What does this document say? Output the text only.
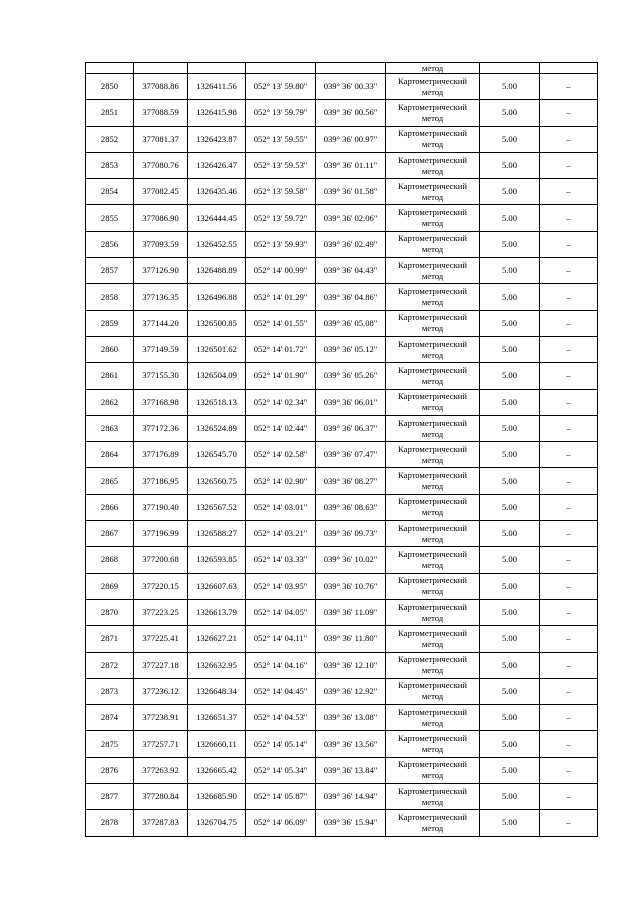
					метод		
2850	377088.86	1326411.56	052° 13' 59.80"	039° 36' 00.33"	Картометрический
метод	5.00	–
2851	377088.59	1326415.98	052° 13' 59.79"	039° 36' 00.56"	Картометрический
метод	5.00	–
2852	377081.37	1326423.87	052° 13' 59.55"	039° 36' 00.97"	Картометрический
метод	5.00	–
2853	377080.76	1326426.47	052° 13' 59.53"	039° 36' 01.11"	Картометрический
метод	5.00	–
2854	377082.45	1326435.46	052° 13' 59.58"	039° 36' 01.58"	Картометрический
метод	5.00	–
2855	377086.90	1326444.45	052° 13' 59.72"	039° 36' 02.06"	Картометрический
метод	5.00	–
2856	377093.59	1326452.55	052° 13' 59.93"	039° 36' 02.49"	Картометрический
метод	5.00	–
2857	377126.90	1326488.89	052° 14' 00.99"	039° 36' 04.43"	Картометрический
метод	5.00	–
2858	377136.35	1326496.88	052° 14' 01.29"	039° 36' 04.86"	Картометрический
метод	5.00	–
2859	377144.20	1326500.85	052° 14' 01.55"	039° 36' 05.08"	Картометрический
метод	5.00	–
2860	377149.59	1326501.62	052° 14' 01.72"	039° 36' 05.12"	Картометрический
метод	5.00	–
2861	377155.30	1326504.09	052° 14' 01.90"	039° 36' 05.26"	Картометрический
метод	5.00	–
2862	377168.98	1326518.13	052° 14' 02.34"	039° 36' 06.01"	Картометрический
метод	5.00	–
2863	377172.36	1326524.89	052° 14' 02.44"	039° 36' 06.37"	Картометрический
метод	5.00	–
2864	377176.89	1326545.70	052° 14' 02.58"	039° 36' 07.47"	Картометрический
метод	5.00	–
2865	377186.95	1326560.75	052° 14' 02.90"	039° 36' 08.27"	Картометрический
метод	5.00	–
2866	377190.40	1326567.52	052° 14' 03.01"	039° 36' 08.63"	Картометрический
метод	5.00	–
2867	377196.99	1326588.27	052° 14' 03.21"	039° 36' 09.73"	Картометрический
метод	5.00	–
2868	377200.68	1326593.85	052° 14' 03.33"	039° 36' 10.02"	Картометрический
метод	5.00	–
2869	377220.15	1326607.63	052° 14' 03.95"	039° 36' 10.76"	Картометрический
метод	5.00	–
2870	377223.25	1326613.79	052° 14' 04.05"	039° 36' 11.09"	Картометрический
метод	5.00	–
2871	377225.41	1326627.21	052° 14' 04.11"	039° 36' 11.80"	Картометрический
метод	5.00	–
2872	377227.18	1326632.95	052° 14' 04.16"	039° 36' 12.10"	Картометрический
метод	5.00	–
2873	377236.12	1326648.34	052° 14' 04.45"	039° 36' 12.92"	Картометрический
метод	5.00	–
2874	377238.91	1326651.37	052° 14' 04.53"	039° 36' 13.08"	Картометрический
метод	5.00	–
2875	377257.71	1326660.11	052° 14' 05.14"	039° 36' 13.56"	Картометрический
метод	5.00	–
2876	377263.92	1326665.42	052° 14' 05.34"	039° 36' 13.84"	Картометрический
метод	5.00	–
2877	377280.84	1326685.90	052° 14' 05.87"	039° 36' 14.94"	Картометрический
метод	5.00	–
2878	377287.83	1326704.75	052° 14' 06.09"	039° 36' 15.94"	Картометрический
метод	5.00	–
